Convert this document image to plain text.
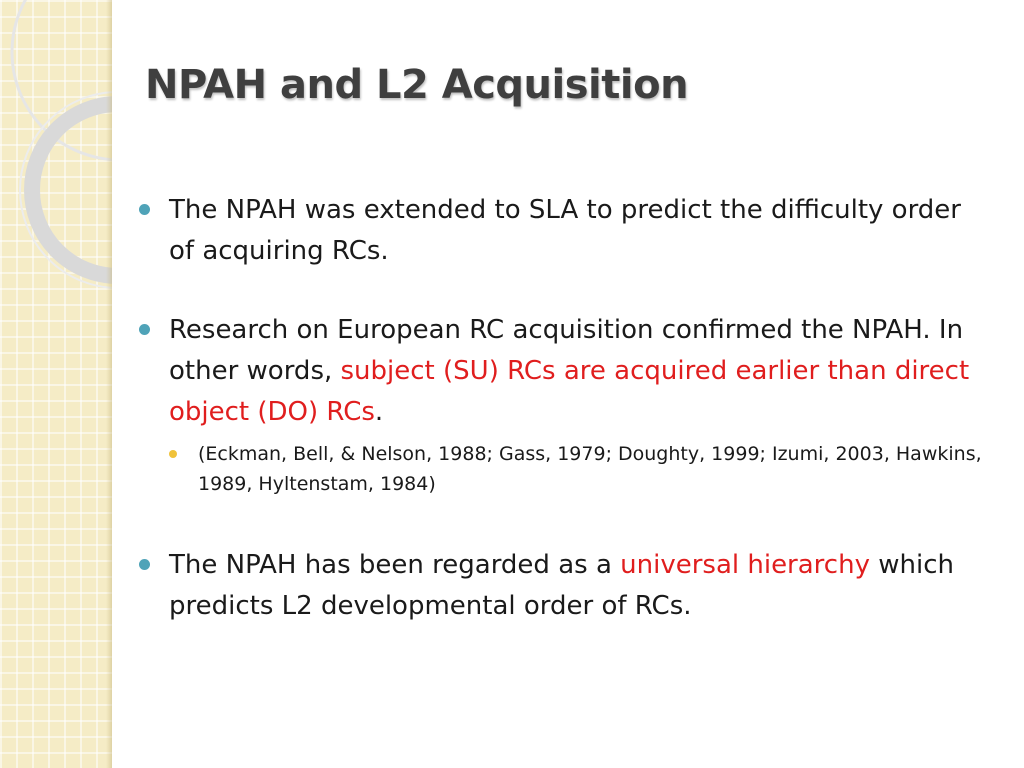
NPAH and L2 Acquisition
The NPAH was extended to SLA to predict the difficulty order of acquiring RCs.
Research on European RC acquisition confirmed the NPAH. In other words, subject (SU) RCs are acquired earlier than direct object (DO) RCs.
(Eckman, Bell, & Nelson, 1988; Gass, 1979; Doughty, 1999; Izumi, 2003, Hawkins, 1989, Hyltenstam, 1984)
The NPAH has been regarded as a universal hierarchy which predicts L2 developmental order of RCs.
